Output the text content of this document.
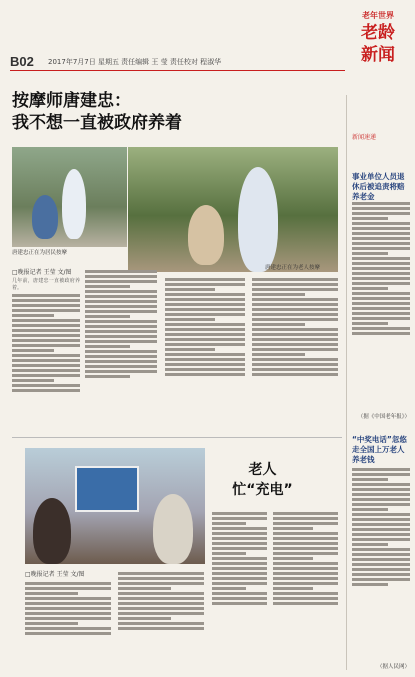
B02 2017年7月7日 星期五 责任编辑 王 莹 责任校对 程淑华
老年世界
老龄
新闻
按摩师唐建忠：
我不想一直被政府养着
唐建忠正在为居民按摩
唐建忠正在为老人按摩
□晚报记者 王莹 文/图
几年前，唐建忠一直被政府养着。
新闻速递
事业单位人员退休后被追责将赔养老金
（据《中国老年报》）
“中奖电话”忽悠走全国上万老人养老钱
（据人民网）
老人
忙“充电”
□晚报记者 王莹 文/图
